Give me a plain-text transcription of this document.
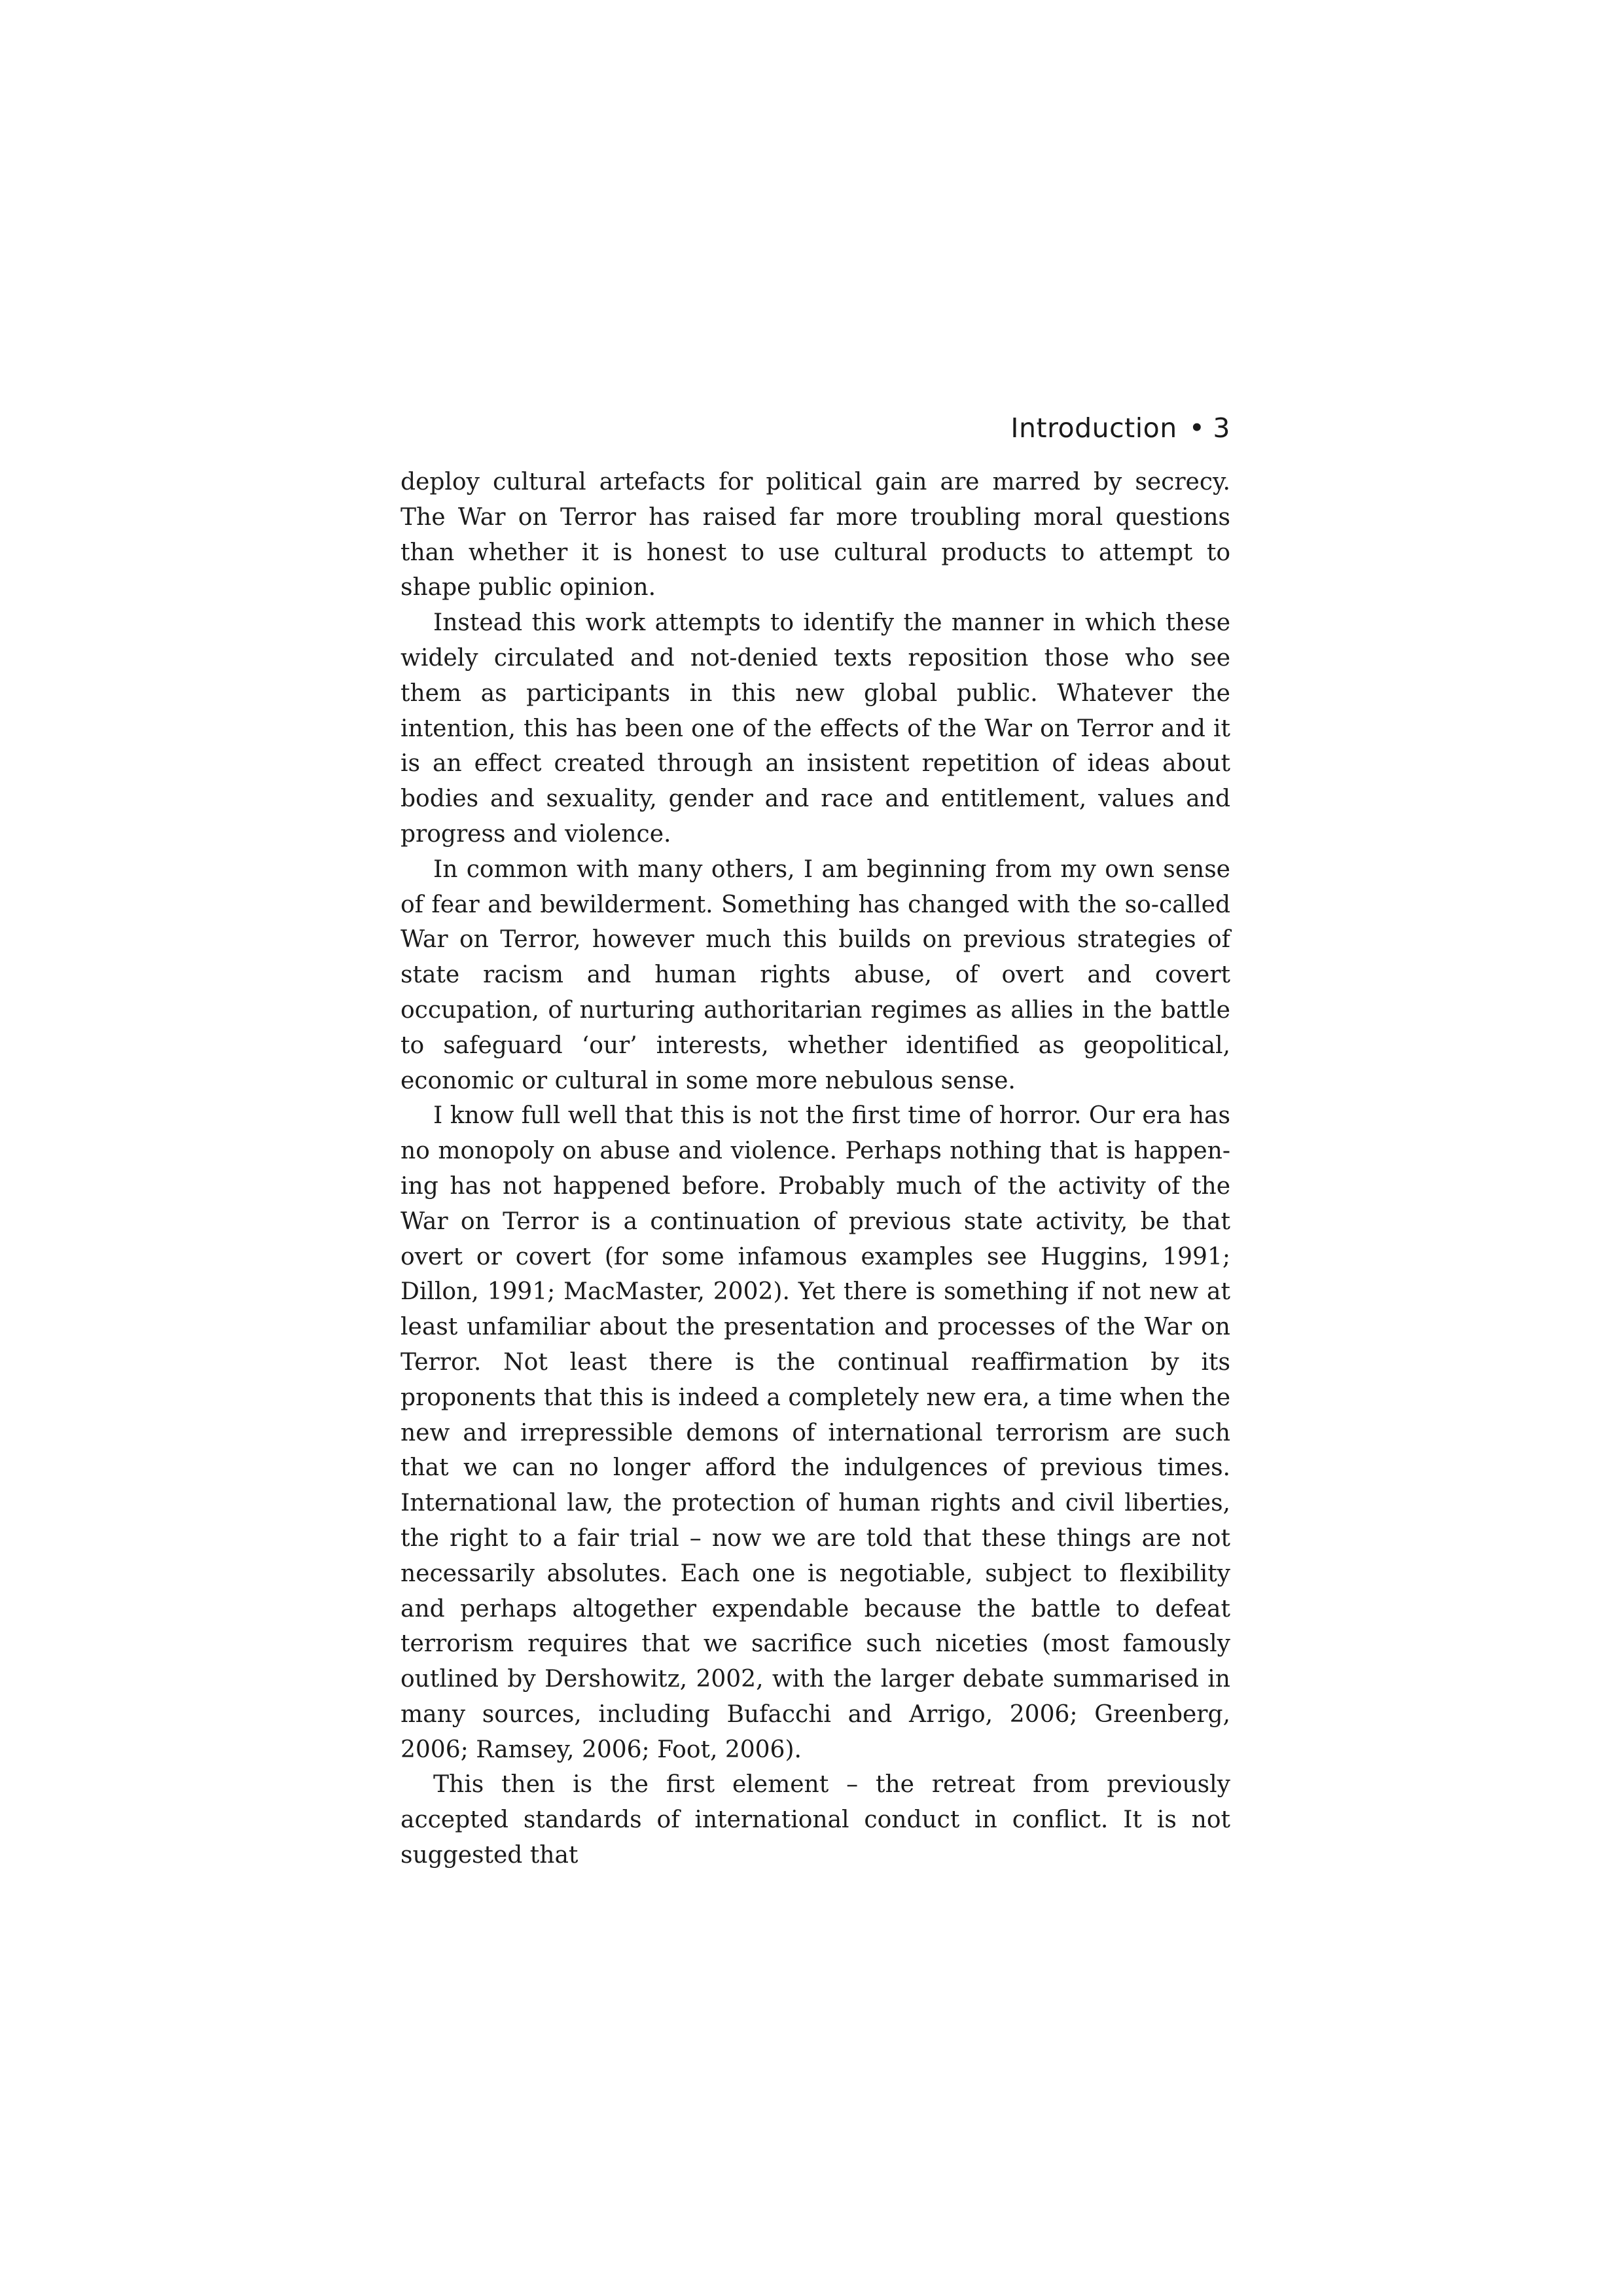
Introduction • 3

deploy cultural artefacts for political gain are marred by secrecy. The War on Terror has raised far more troubling moral questions than whether it is honest to use cultural products to attempt to shape public opinion.

Instead this work attempts to identify the manner in which these widely circulated and not-denied texts reposition those who see them as participants in this new global public. Whatever the intention, this has been one of the effects of the War on Terror and it is an effect created through an insistent repetition of ideas about bodies and sexuality, gender and race and entitlement, values and progress and violence.

In common with many others, I am beginning from my own sense of fear and bewilderment. Something has changed with the so-called War on Terror, however much this builds on previous strategies of state racism and human rights abuse, of overt and covert occupation, of nurturing authoritarian regimes as allies in the battle to safeguard ‘our’ interests, whether identified as geopolitical, economic or cultural in some more nebulous sense.

I know full well that this is not the first time of horror. Our era has no monopoly on abuse and violence. Perhaps nothing that is happening has not happened before. Probably much of the activity of the War on Terror is a continuation of previous state activity, be that overt or covert (for some infamous examples see Huggins, 1991; Dillon, 1991; MacMaster, 2002). Yet there is something if not new at least unfamiliar about the presentation and processes of the War on Terror. Not least there is the continual reaffirmation by its proponents that this is indeed a completely new era, a time when the new and irrepressible demons of international terrorism are such that we can no longer afford the indulgences of previous times. International law, the protection of human rights and civil liberties, the right to a fair trial – now we are told that these things are not necessarily absolutes. Each one is negotiable, subject to flexibility and perhaps altogether expendable because the battle to defeat terrorism requires that we sacrifice such niceties (most famously outlined by Dershowitz, 2002, with the larger debate summarised in many sources, including Bufacchi and Arrigo, 2006; Greenberg, 2006; Ramsey, 2006; Foot, 2006).

This then is the first element – the retreat from previously accepted standards of international conduct in conflict. It is not suggested that
